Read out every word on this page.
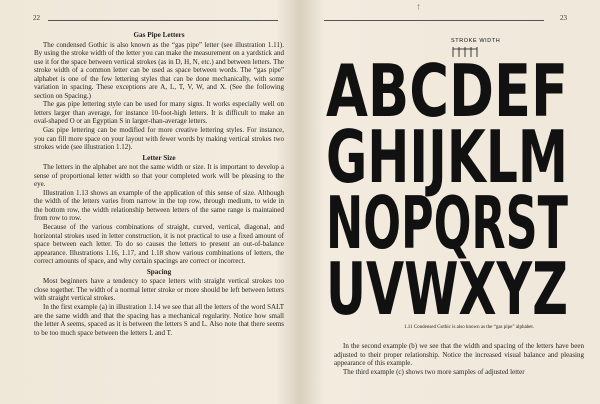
22
Gas Pipe Letters

The condensed Gothic is also known as the “gas pipe” letter (see illustration 1.11). By using the stroke width of the letter you can make the measurement on a yardstick and use it for the space between vertical strokes (as in D, H, N, etc.) and between letters. The stroke width of a common letter can be used as space between words. The “gas pipe” alphabet is one of the few lettering styles that can be done mechanically, with some variation in spacing. These exceptions are A, L, T, V, W, and X. (See the following section on Spacing.)

The gas pipe lettering style can be used for many signs. It works especially well on letters larger than average, for instance 10-foot-high letters. It is difficult to make an oval-shaped O or an Egyptian S in larger-than-average letters.

Gas pipe lettering can be modified for more creative lettering styles. For instance, you can fill more space on your layout with fewer words by making vertical strokes two strokes wide (see illustration 1.12).

Letter Size

The letters in the alphabet are not the same width or size. It is important to develop a sense of proportional letter width so that your completed work will be pleasing to the eye.

Illustration 1.13 shows an example of the application of this sense of size. Although the width of the letters varies from narrow in the top row, through medium, to wide in the bottom row, the width relationship between letters of the same range is maintained from row to row.

Because of the various combinations of straight, curved, vertical, diagonal, and horizontal strokes used in letter construction, it is not practical to use a fixed amount of space between each letter. To do so causes the letters to present an out-of-balance appearance. Illustrations 1.16, 1.17, and 1.18 show various combinations of letters, the correct amounts of space, and why certain spacings are correct or incorrect.

Spacing

Most beginners have a tendency to space letters with straight vertical strokes too close together. The width of a normal letter stroke or more should be left between letters with straight vertical strokes.

In the first example (a) in illustration 1.14 we see that all the letters of the word SALT are the same width and that the spacing has a mechanical regularity. Notice how small the letter A seems, spaced as it is between the letters S and L. Also note that there seems to be too much space between the letters L and T.

†
23
STROKE WIDTH
ABCDEF
GHIJKLM
NOPQRST
UVWXYZ
1.11 Condensed Gothic is also known as the “gas pipe” alphabet.

In the second example (b) we see that the width and spacing of the letters have been adjusted to their proper relationship. Notice the increased visual balance and pleasing appearance of this example.

The third example (c) shows two more samples of adjusted letter
